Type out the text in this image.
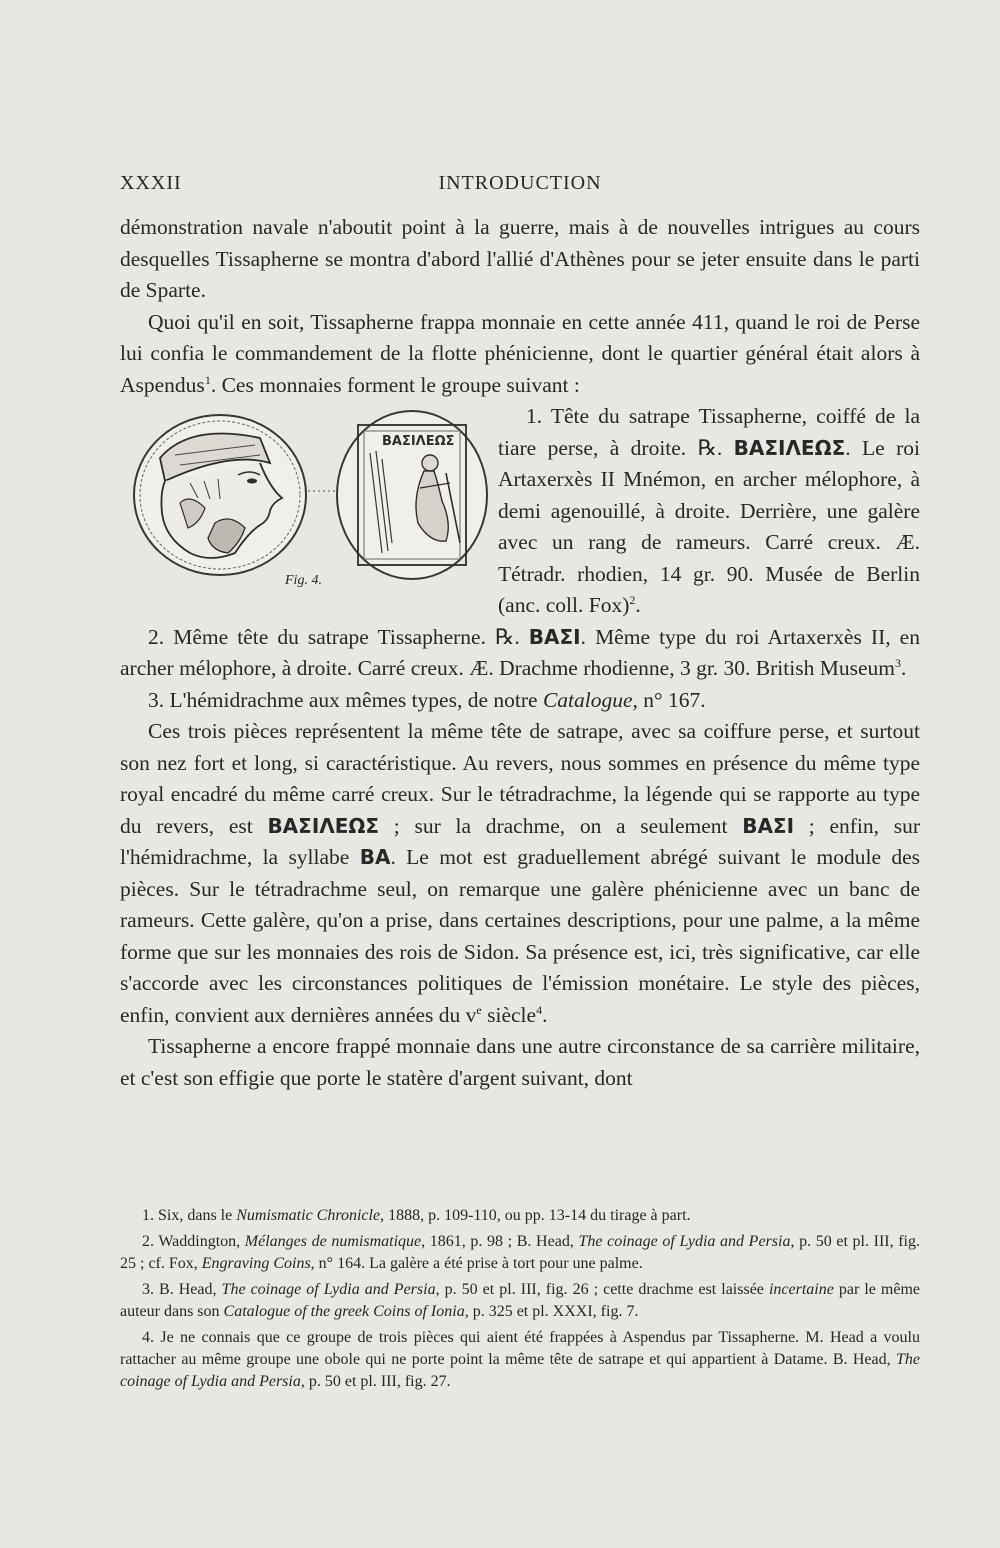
XXXII	INTRODUCTION

démonstration navale n'aboutit point à la guerre, mais à de nouvelles intrigues au cours desquelles Tissapherne se montra d'abord l'allié d'Athènes pour se jeter ensuite dans le parti de Sparte.

Quoi qu'il en soit, Tissapherne frappa monnaie en cette année 411, quand le roi de Perse lui confia le commandement de la flotte phénicienne, dont le quartier général était alors à Aspendus$^1$. Ces monnaies forment le groupe suivant :

ΒΑΣΙΛΕΩΣ
Fig. 4.

1. Tête du satrape Tissapherne, coiffé de la tiare perse, à droite. ℞. ΒΑΣΙΛΕΩΣ. Le roi Artaxerxès II Mnémon, en archer mélophore, à demi agenouillé, à droite. Derrière, une galère avec un rang de rameurs. Carré creux. Æ. Tétradr. rhodien, 14 gr. 90. Musée de Berlin (anc. coll. Fox)$^2$.

2. Même tête du satrape Tissapherne. ℞. ΒΑΣΙ. Même type du roi Artaxerxès II, en archer mélophore, à droite. Carré creux. Æ. Drachme rhodienne, 3 gr. 30. British Museum$^3$.

3. L'hémidrachme aux mêmes types, de notre Catalogue, n° 167.

Ces trois pièces représentent la même tête de satrape, avec sa coiffure perse, et surtout son nez fort et long, si caractéristique. Au revers, nous sommes en présence du même type royal encadré du même carré creux. Sur le tétradrachme, la légende qui se rapporte au type du revers, est ΒΑΣΙΛΕΩΣ ; sur la drachme, on a seulement ΒΑΣΙ ; enfin, sur l'hémidrachme, la syllabe ΒΑ. Le mot est graduellement abrégé suivant le module des pièces. Sur le tétradrachme seul, on remarque une galère phénicienne avec un banc de rameurs. Cette galère, qu'on a prise, dans certaines descriptions, pour une palme, a la même forme que sur les monnaies des rois de Sidon. Sa présence est, ici, très significative, car elle s'accorde avec les circonstances politiques de l'émission monétaire. Le style des pièces, enfin, convient aux dernières années du $v^e$ siècle$^4$.

Tissapherne a encore frappé monnaie dans une autre circonstance de sa carrière militaire, et c'est son effigie que porte le statère d'argent suivant, dont

1. Six, dans le Numismatic Chronicle, 1888, p. 109-110, ou pp. 13-14 du tirage à part.

2. Waddington, Mélanges de numismatique, 1861, p. 98 ; B. Head, The coinage of Lydia and Persia, p. 50 et pl. III, fig. 25 ; cf. Fox, Engraving Coins, n° 164. La galère a été prise à tort pour une palme.

3. B. Head, The coinage of Lydia and Persia, p. 50 et pl. III, fig. 26 ; cette drachme est laissée incertaine par le même auteur dans son Catalogue of the greek Coins of Ionia, p. 325 et pl. XXXI, fig. 7.

4. Je ne connais que ce groupe de trois pièces qui aient été frappées à Aspendus par Tissapherne. M. Head a voulu rattacher au même groupe une obole qui ne porte point la même tête de satrape et qui appartient à Datame. B. Head, The coinage of Lydia and Persia, p. 50 et pl. III, fig. 27.
